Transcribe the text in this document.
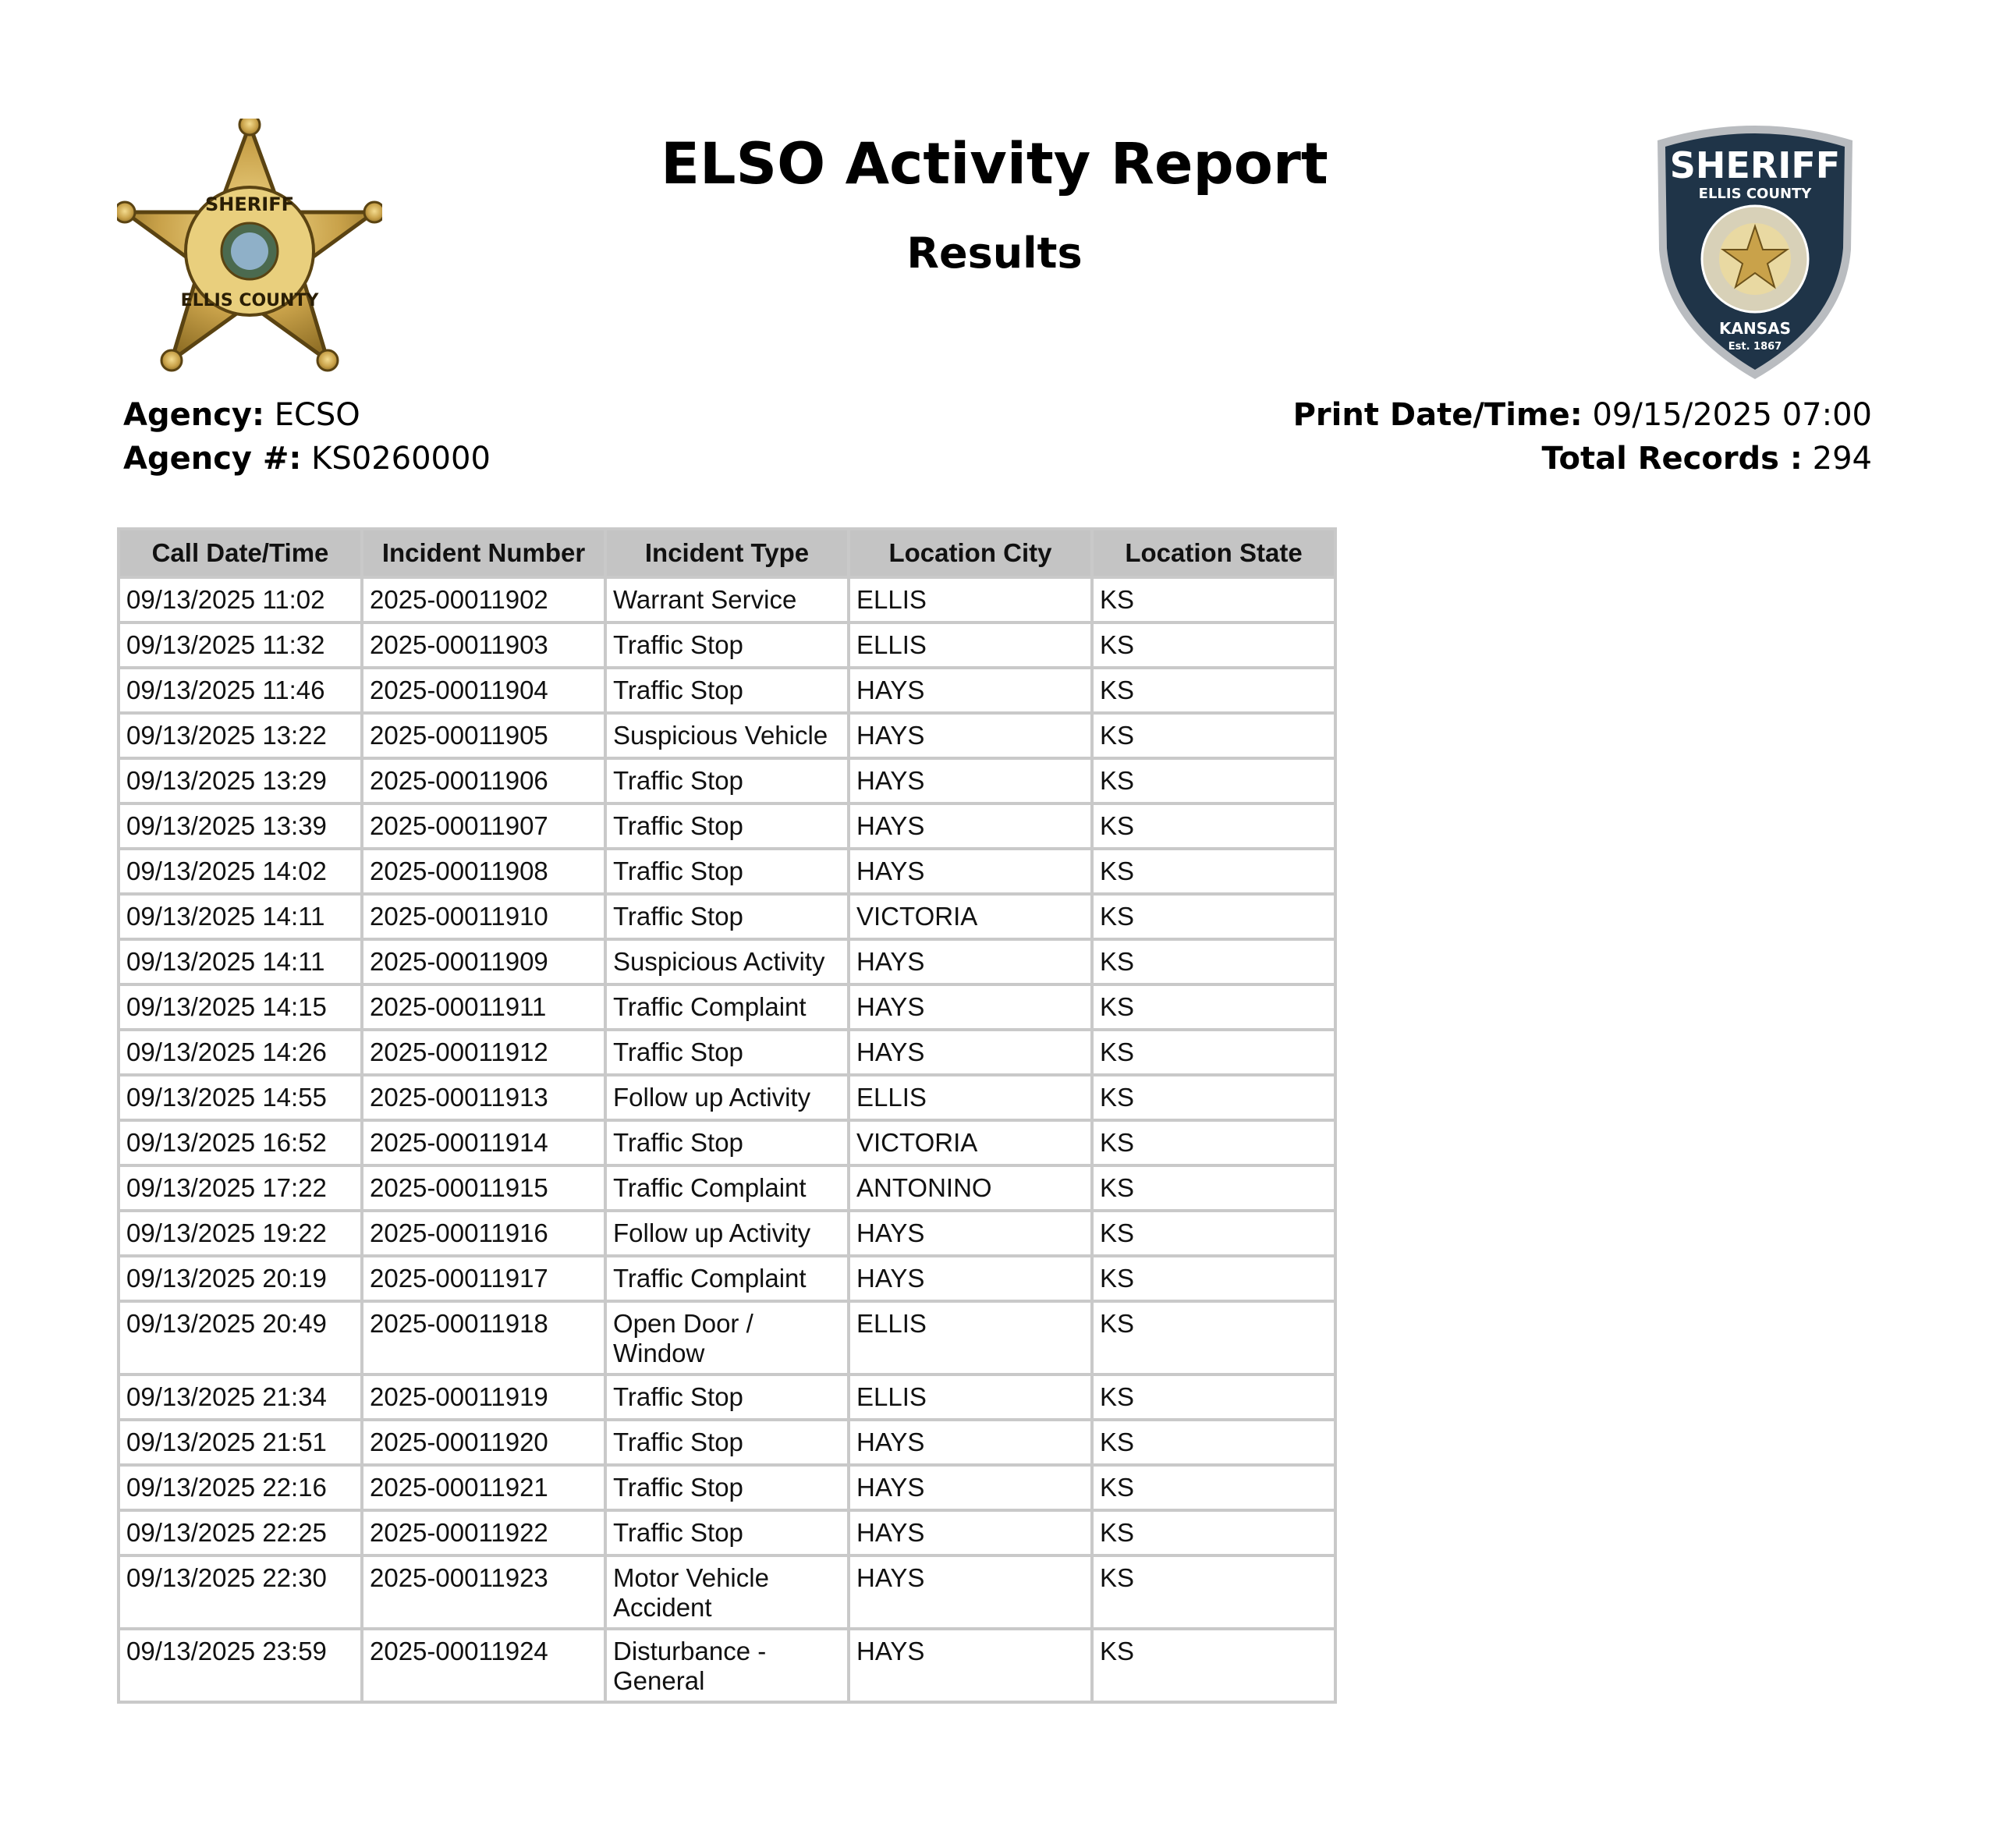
SHERIFF
ELLIS COUNTY
SHERIFF
ELLIS COUNTY
KANSAS
Est. 1867
ELSO Activity Report
Results
Agency: ECSO
Agency #: KS0260000
Print Date/Time: 09/15/2025 07:00
Total Records : 294
Call Date/Time	Incident Number	Incident Type	Location City	Location State
09/13/2025 11:02	2025-00011902	Warrant Service	ELLIS	KS
09/13/2025 11:32	2025-00011903	Traffic Stop	ELLIS	KS
09/13/2025 11:46	2025-00011904	Traffic Stop	HAYS	KS
09/13/2025 13:22	2025-00011905	Suspicious Vehicle	HAYS	KS
09/13/2025 13:29	2025-00011906	Traffic Stop	HAYS	KS
09/13/2025 13:39	2025-00011907	Traffic Stop	HAYS	KS
09/13/2025 14:02	2025-00011908	Traffic Stop	HAYS	KS
09/13/2025 14:11	2025-00011910	Traffic Stop	VICTORIA	KS
09/13/2025 14:11	2025-00011909	Suspicious Activity	HAYS	KS
09/13/2025 14:15	2025-00011911	Traffic Complaint	HAYS	KS
09/13/2025 14:26	2025-00011912	Traffic Stop	HAYS	KS
09/13/2025 14:55	2025-00011913	Follow up Activity	ELLIS	KS
09/13/2025 16:52	2025-00011914	Traffic Stop	VICTORIA	KS
09/13/2025 17:22	2025-00011915	Traffic Complaint	ANTONINO	KS
09/13/2025 19:22	2025-00011916	Follow up Activity	HAYS	KS
09/13/2025 20:19	2025-00011917	Traffic Complaint	HAYS	KS
09/13/2025 20:49	2025-00011918	Open Door / Window	ELLIS	KS
09/13/2025 21:34	2025-00011919	Traffic Stop	ELLIS	KS
09/13/2025 21:51	2025-00011920	Traffic Stop	HAYS	KS
09/13/2025 22:16	2025-00011921	Traffic Stop	HAYS	KS
09/13/2025 22:25	2025-00011922	Traffic Stop	HAYS	KS
09/13/2025 22:30	2025-00011923	Motor Vehicle Accident	HAYS	KS
09/13/2025 23:59	2025-00011924	Disturbance - General	HAYS	KS
